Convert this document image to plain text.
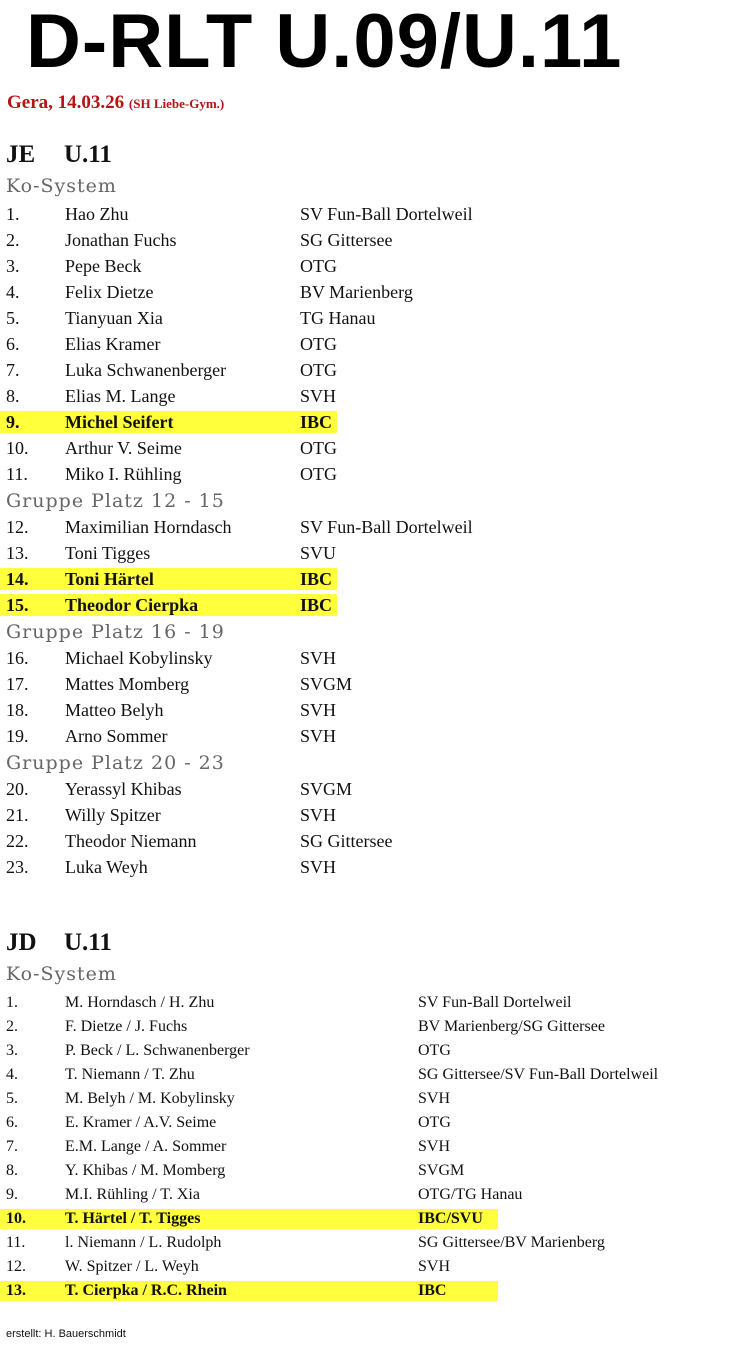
D-RLT U.09/U.11
Gera, 14.03.26 (SH Liebe-Gym.)
JE U.11
Ko-System
1.	Hao Zhu	SV Fun-Ball Dortelweil
2.	Jonathan Fuchs	SG Gittersee
3.	Pepe Beck	OTG
4.	Felix Dietze	BV Marienberg
5.	Tianyuan Xia	TG Hanau
6.	Elias Kramer	OTG
7.	Luka Schwanenberger	OTG
8.	Elias M. Lange	SVH
9.	Michel Seifert	IBC
10. Arthur V. Seime	OTG
11. Miko I. Rühling	OTG
Gruppe Platz 12 - 15
12. Maximilian Horndasch	SV Fun-Ball Dortelweil
13. Toni Tigges	SVU
14. Toni Härtel	IBC
15. Theodor Cierpka	IBC
Gruppe Platz 16 - 19
16. Michael Kobylinsky	SVH
17. Mattes Momberg	SVGM
18. Matteo Belyh	SVH
19. Arno Sommer	SVH
Gruppe Platz 20 - 23
20. Yerassyl Khibas	SVGM
21. Willy Spitzer	SVH
22. Theodor Niemann	SG Gittersee
23. Luka Weyh	SVH
JD U.11
Ko-System
1.	M. Horndasch / H. Zhu	SV Fun-Ball Dortelweil
2.	F. Dietze / J. Fuchs	BV Marienberg/SG Gittersee
3.	P. Beck / L. Schwanenberger	OTG
4.	T. Niemann / T. Zhu	SG Gittersee/SV Fun-Ball Dortelweil
5.	M. Belyh / M. Kobylinsky	SVH
6.	E. Kramer / A.V. Seime	OTG
7.	E.M. Lange / A. Sommer	SVH
8.	Y. Khibas / M. Momberg	SVGM
9.	M.I. Rühling / T. Xia	OTG/TG Hanau
10. T. Härtel / T. Tigges	IBC/SVU
11. l. Niemann / L. Rudolph	SG Gittersee/BV Marienberg
12. W. Spitzer / L. Weyh	SVH
13. T. Cierpka / R.C. Rhein	IBC
erstellt: H. Bauerschmidt
